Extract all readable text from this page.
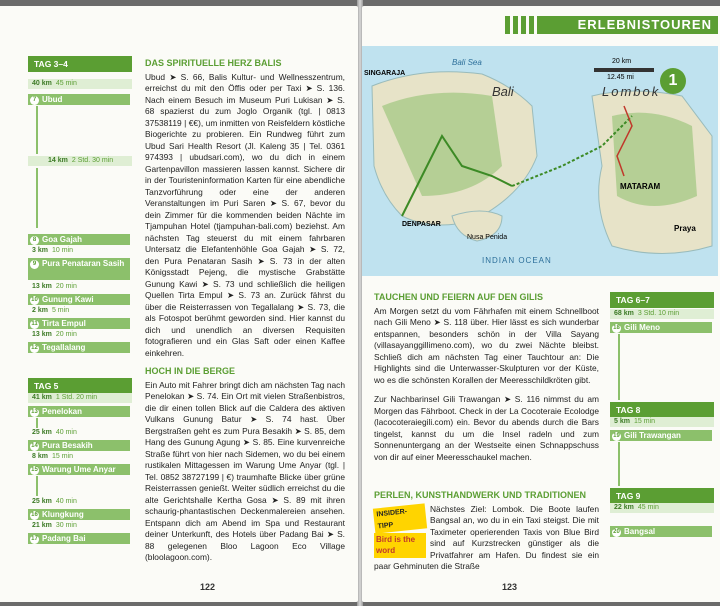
TAG 3–4
40 km 45 min
7 Ubud
14 km 2 Std. 30 min
8 Goa Gajah
3 km 10 min
9 Pura Penataran Sasih
13 km 20 min
10 Gunung Kawi
2 km 5 min
11 Tirta Empul
13 km 20 min
12 Tegallalang
TAG 5
41 km 1 Std. 20 min
13 Penelokan
25 km 40 min
14 Pura Besakih
8 km 15 min
15 Warung Ume Anyar
25 km 40 min
16 Klungkung
21 km 30 min
17 Padang Bai
DAS SPIRITUELLE HERZ BALIS
Ubud ➤ S. 66, Balis Kultur- und Wellnesszentrum, erreichst du mit den Öffis oder per Taxi ➤ S. 136. Nach einem Besuch im Museum Puri Lukisan ➤ S. 68 spazierst du zum Joglo Organik (tgl. | 0813 37538119 | €€), um inmitten von Reisfeldern köstliche Biogerichte zu probieren. Ein Rundweg führt zum Ubud Sari Health Resort (Jl. Kaleng 35 | Tel. 0361 974393 | ubudsari.com), wo du dich in einem Gartenpavillon massieren lassen kannst. Sichere dir in der Touristeninformation Karten für eine abendliche Tanzvorführung oder eine der anderen Veranstaltungen im Puri Saren ➤ S. 67, bevor du dein Zimmer für die kommenden beiden Nächte im Tjampuhan Hotel (tjampuhan-bali.com) beziehst. Am nächsten Tag steuerst du mit einem fahrbaren Untersatz die Elefantenhöhle Goa Gajah ➤ S. 72, den Pura Penataran Sasih ➤ S. 73 in der alten Königsstadt Pejeng, die mystische Grabstätte Gunung Kawi ➤ S. 73 und schließlich die heiligen Quellen Tirta Empul ➤ S. 73 an. Zurück fährst du über die Reisterrassen von Tegallalang ➤ S. 73, die als Fotospot berühmt geworden sind. Hier kannst du dich und unendlich an diversen Requisiten fotografieren und ein Glas Saft oder einen Kaffee einkehren.
HOCH IN DIE BERGE
Ein Auto mit Fahrer bringt dich am nächsten Tag nach Penelokan ➤ S. 74. Ein Ort mit vielen Straßenbistros, die dir einen tollen Blick auf die Caldera des aktiven Vulkans Gunung Batur ➤ S. 74 hast. Über Bergstraßen geht es zum Pura Besakih ➤ S. 85, dem Hang des Gunung Agung ➤ S. 85. Eine kurvenreiche Straße führt von hier nach Sidemen, wo du bei einem rustikalen Mittagessen im Warung Ume Anyar (tgl. | Tel. 0852 38727199 | €) traumhafte Blicke über grüne Reisterrassen genießt. Weiter südlich erreichst du die alte Gerichtshalle Kertha Gosa ➤ S. 89 mit ihren schaurig-phantastischen Deckenmalereien ansehen. Entspann dich am Abend im Spa und Restaurant deiner Unterkunft, des Hotels über Padang Bai ➤ S. 88 gelegenen Bloo Lagoon Eco Village (bloolagoon.com).
122
ERLEBNISTOUREN
1
Bali	Lombok
Bali Sea
INDIAN OCEAN
SINGARAJA
DENPASAR
MATARAM
Nusa Penida
Praya
20 km
12.45 mi
TAUCHEN UND FEIERN AUF DEN GILIS
Am Morgen setzt du vom Fährhafen mit einem Schnellboot nach Gili Meno ➤ S. 118 über. Hier lässt es sich wunderbar entspannen, besonders schön in der Villa Sayang (villasayanggillimeno.com), wo du zwei Nächte bleibst. Schließ dich am nächsten Tag einer Tauchtour an: Die Highlights sind die Unterwasser-Skulpturen vor der Küste, wo es die schönsten Korallen der Meeresschildkröten gibt.
Zur Nachbarinsel Gili Trawangan ➤ S. 116 nimmst du am Morgen das Fährboot. Check in der La Cocoteraie Ecolodge (lacocoteraiegili.com) ein. Bevor du abends durch die Bars tingelst, kannst du um die Insel radeln und zum Sonnenuntergang an der Westseite einen Schnappschuss von dir auf einer Meeresschaukel machen.
PERLEN, KUNSTHANDWERK UND TRADITIONEN
INSIDER-TIPP
Bird is the word
Nächstes Ziel: Lombok. Die Boote laufen Bangsal an, wo du in ein Taxi steigst. Die mit Taximeter operierenden Taxis von Blue Bird sind auf Kurzstrecken günstiger als die Privatfahrer am Hafen. Du findest sie ein paar Gehminuten die Straße
TAG 6–7
68 km 3 Std. 10 min
18 Gili Meno
TAG 8
5 km 15 min
19 Gili Trawangan
TAG 9
22 km 45 min
20 Bangsal
123
